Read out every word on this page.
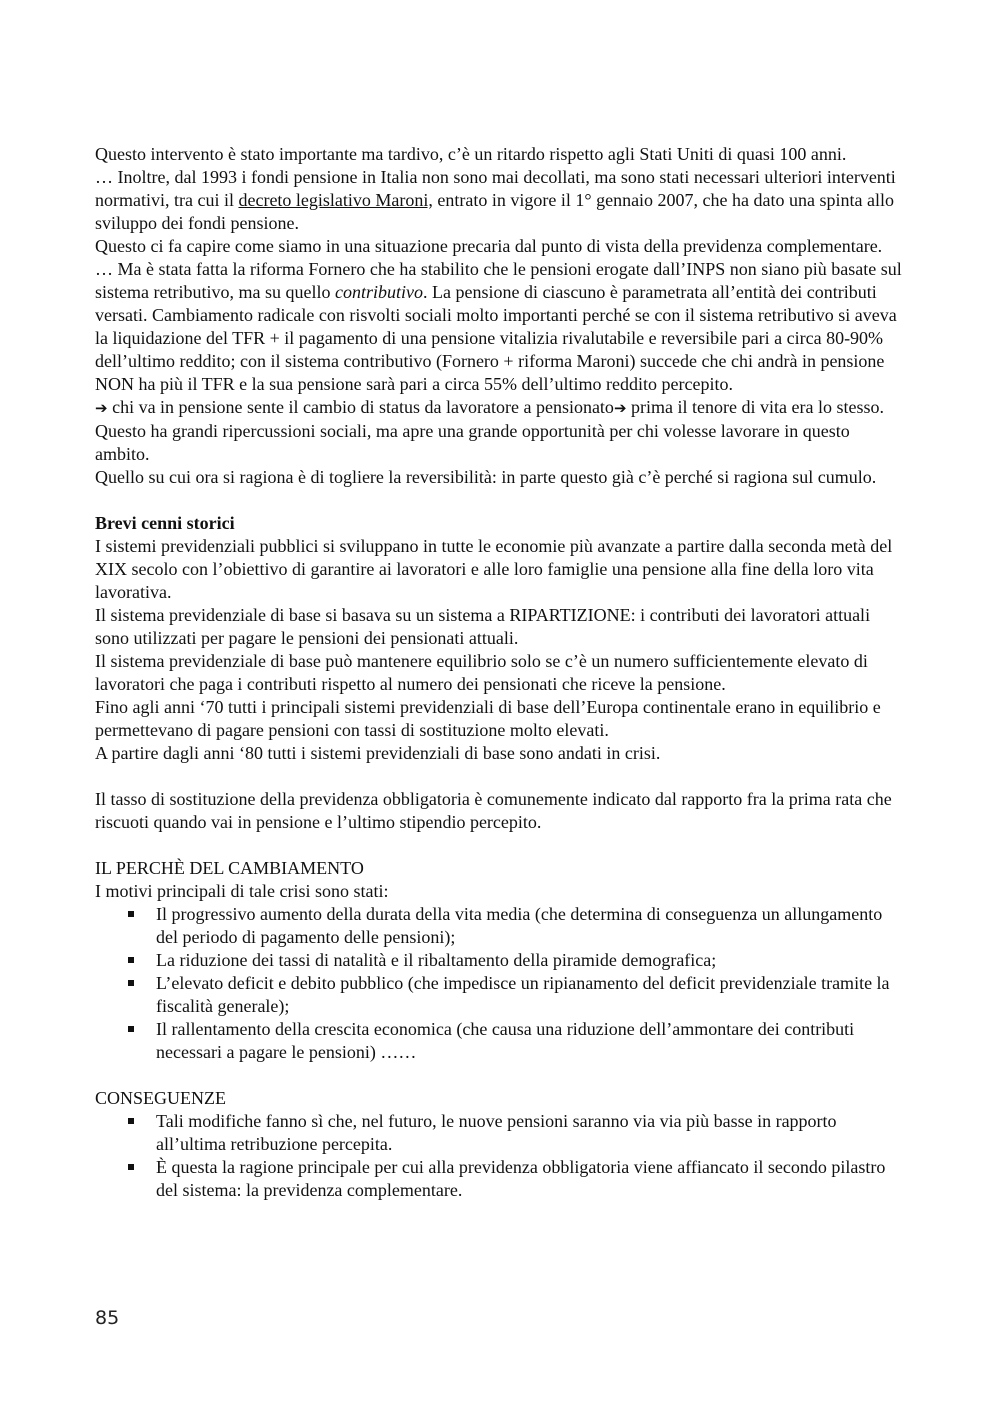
Questo intervento è stato importante ma tardivo, c’è un ritardo rispetto agli Stati Uniti di quasi 100 anni.

… Inoltre, dal 1993 i fondi pensione in Italia non sono mai decollati, ma sono stati necessari ulteriori interventi normativi, tra cui il decreto legislativo Maroni, entrato in vigore il 1° gennaio 2007, che ha dato una spinta allo sviluppo dei fondi pensione.

Questo ci fa capire come siamo in una situazione precaria dal punto di vista della previdenza complementare.

… Ma è stata fatta la riforma Fornero che ha stabilito che le pensioni erogate dall’INPS non siano più basate sul sistema retributivo, ma su quello contributivo. La pensione di ciascuno è parametrata all’entità dei contributi versati. Cambiamento radicale con risvolti sociali molto importanti perché se con il sistema retributivo si aveva la liquidazione del TFR + il pagamento di una pensione vitalizia rivalutabile e reversibile pari a circa 80-90% dell’ultimo reddito; con il sistema contributivo (Fornero + riforma Maroni) succede che chi andrà in pensione NON ha più il TFR e la sua pensione sarà pari a circa 55% dell’ultimo reddito percepito.

➔ chi va in pensione sente il cambio di status da lavoratore a pensionato➔ prima il tenore di vita era lo stesso. Questo ha grandi ripercussioni sociali, ma apre una grande opportunità per chi volesse lavorare in questo ambito.

Quello su cui ora si ragiona è di togliere la reversibilità: in parte questo già c’è perché si ragiona sul cumulo.

Brevi cenni storici

I sistemi previdenziali pubblici si sviluppano in tutte le economie più avanzate a partire dalla seconda metà del XIX secolo con l’obiettivo di garantire ai lavoratori e alle loro famiglie una pensione alla fine della loro vita lavorativa.

Il sistema previdenziale di base si basava su un sistema a RIPARTIZIONE: i contributi dei lavoratori attuali sono utilizzati per pagare le pensioni dei pensionati attuali.

Il sistema previdenziale di base può mantenere equilibrio solo se c’è un numero sufficientemente elevato di lavoratori che paga i contributi rispetto al numero dei pensionati che riceve la pensione.

Fino agli anni ‘70 tutti i principali sistemi previdenziali di base dell’Europa continentale erano in equilibrio e permettevano di pagare pensioni con tassi di sostituzione molto elevati.

A partire dagli anni ‘80 tutti i sistemi previdenziali di base sono andati in crisi.

Il tasso di sostituzione della previdenza obbligatoria è comunemente indicato dal rapporto fra la prima rata che riscuoti quando vai in pensione e l’ultimo stipendio percepito.

IL PERCHÈ DEL CAMBIAMENTO

I motivi principali di tale crisi sono stati:

Il progressivo aumento della durata della vita media (che determina di conseguenza un allungamento del periodo di pagamento delle pensioni);
La riduzione dei tassi di natalità e il ribaltamento della piramide demografica;
L’elevato deficit e debito pubblico (che impedisce un ripianamento del deficit previdenziale tramite la fiscalità generale);
Il rallentamento della crescita economica (che causa una riduzione dell’ammontare dei contributi necessari a pagare le pensioni) ……

CONSEGUENZE

Tali modifiche fanno sì che, nel futuro, le nuove pensioni saranno via via più basse in rapporto all’ultima retribuzione percepita.
È questa la ragione principale per cui alla previdenza obbligatoria viene affiancato il secondo pilastro del sistema: la previdenza complementare.
85
